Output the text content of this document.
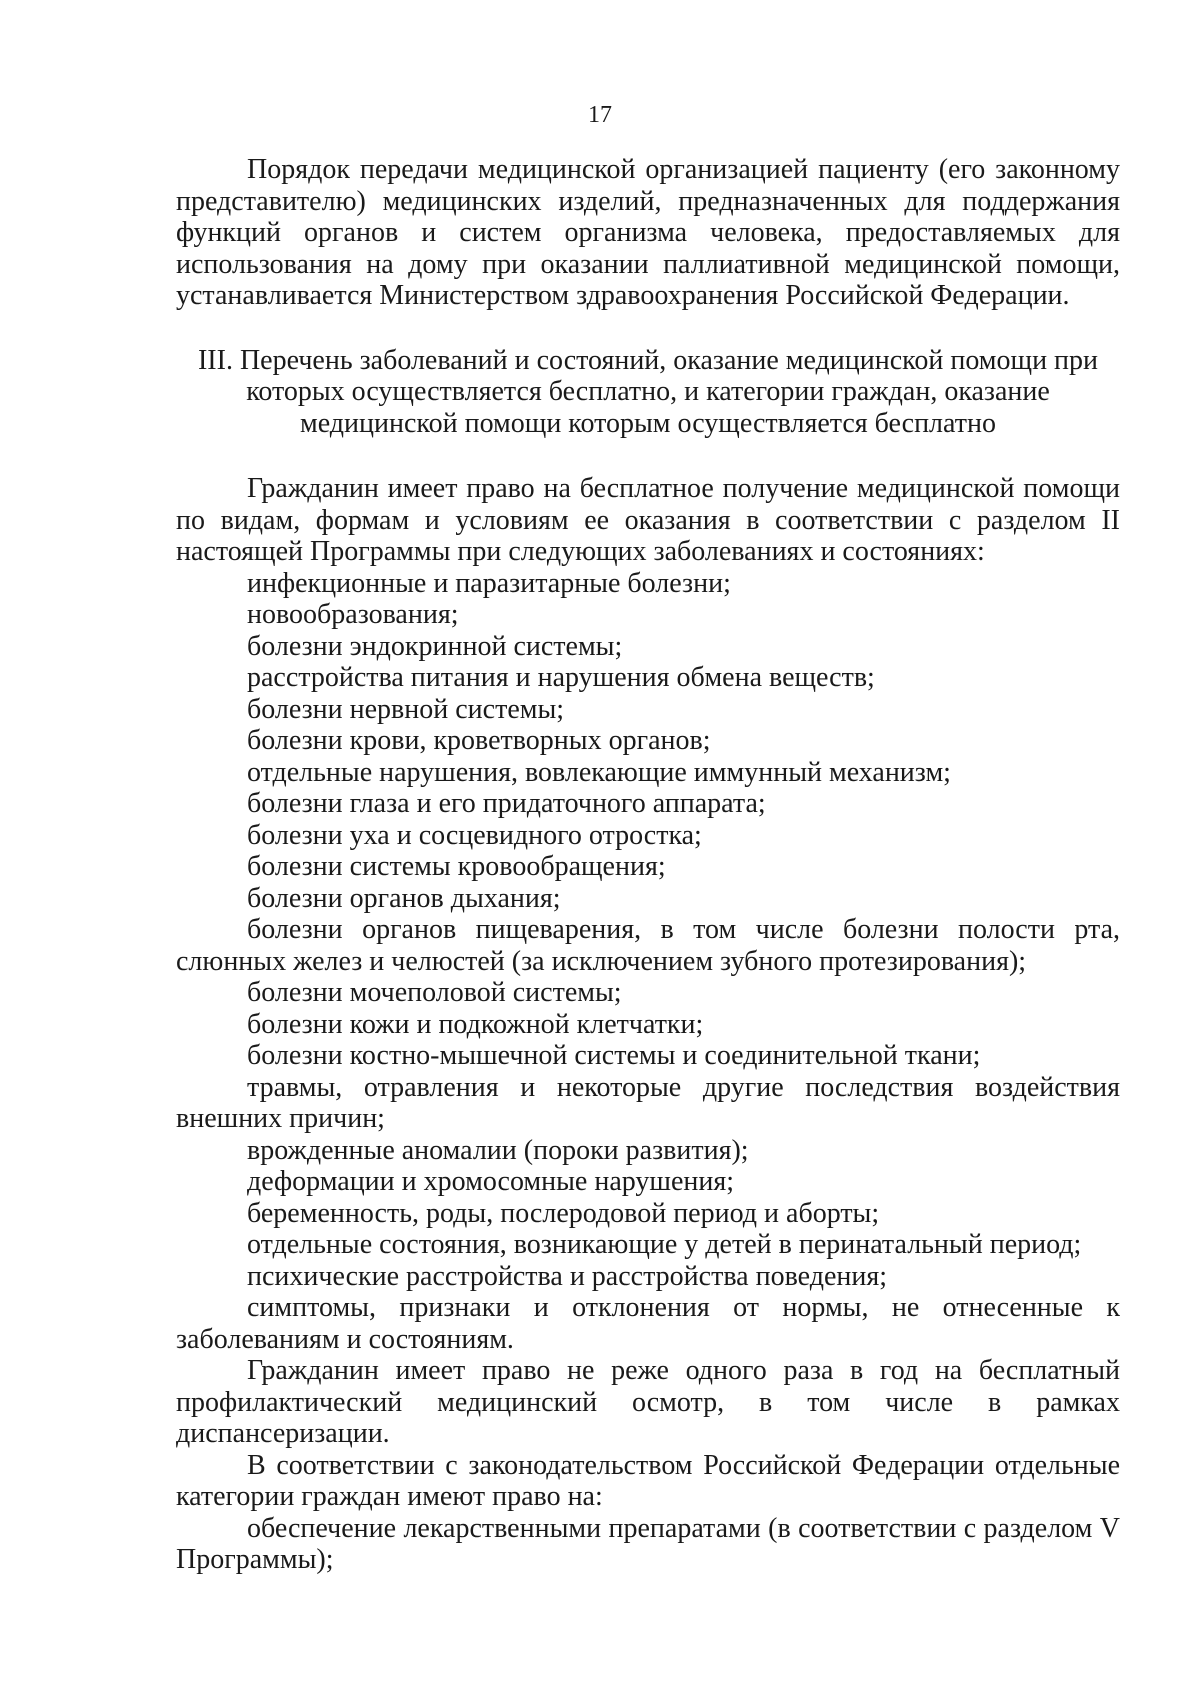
17

Порядок передачи медицинской организацией пациенту (его законному представителю) медицинских изделий, предназначенных для поддержания функций органов и систем организма человека, предоставляемых для использования на дому при оказании паллиативной медицинской помощи, устанавливается Министерством здравоохранения Российской Федерации.

III. Перечень заболеваний и состояний, оказание медицинской помощи при которых осуществляется бесплатно, и категории граждан, оказание медицинской помощи которым осуществляется бесплатно

Гражданин имеет право на бесплатное получение медицинской помощи по видам, формам и условиям ее оказания в соответствии с разделом II настоящей Программы при следующих заболеваниях и состояниях:

инфекционные и паразитарные болезни;
новообразования;
болезни эндокринной системы;
расстройства питания и нарушения обмена веществ;
болезни нервной системы;
болезни крови, кроветворных органов;
отдельные нарушения, вовлекающие иммунный механизм;
болезни глаза и его придаточного аппарата;
болезни уха и сосцевидного отростка;
болезни системы кровообращения;
болезни органов дыхания;
болезни органов пищеварения, в том числе болезни полости рта, слюнных желез и челюстей (за исключением зубного протезирования);
болезни мочеполовой системы;
болезни кожи и подкожной клетчатки;
болезни костно-мышечной системы и соединительной ткани;
травмы, отравления и некоторые другие последствия воздействия внешних причин;
врожденные аномалии (пороки развития);
деформации и хромосомные нарушения;
беременность, роды, послеродовой период и аборты;
отдельные состояния, возникающие у детей в перинатальный период;
психические расстройства и расстройства поведения;
симптомы, признаки и отклонения от нормы, не отнесенные к заболеваниям и состояниям.

Гражданин имеет право не реже одного раза в год на бесплатный профилактический медицинский осмотр, в том числе в рамках диспансеризации.

В соответствии с законодательством Российской Федерации отдельные категории граждан имеют право на:

обеспечение лекарственными препаратами (в соответствии с разделом V Программы);
